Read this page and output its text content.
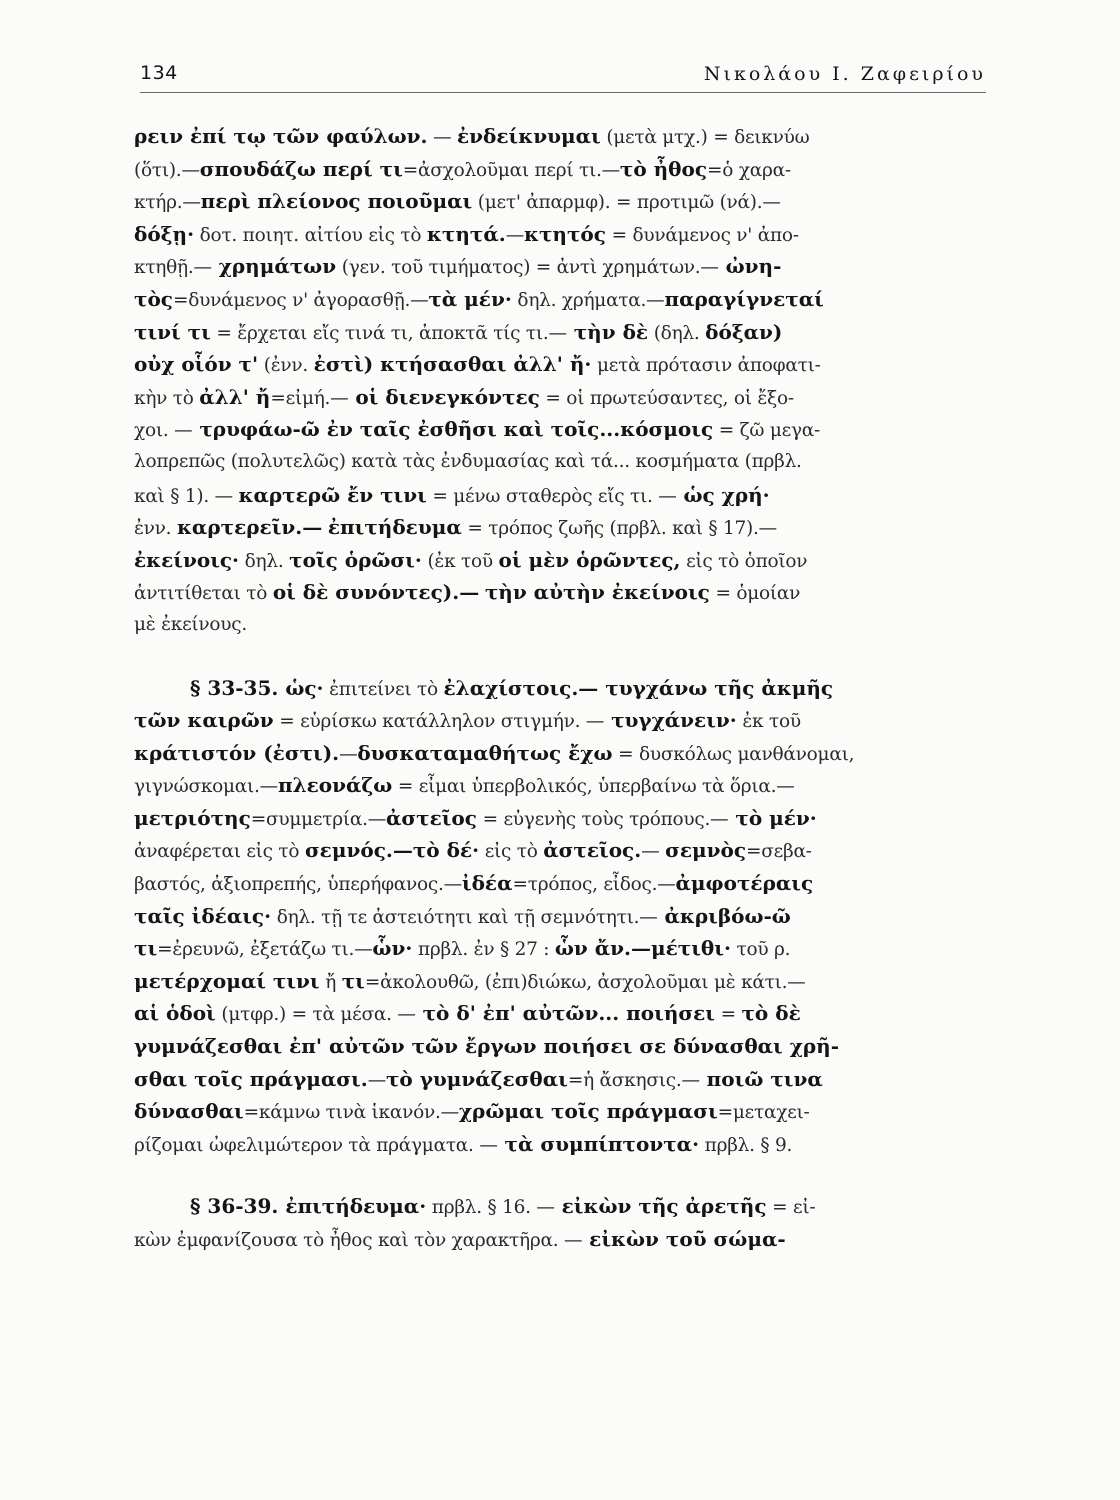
134	Νικολάου Ι. Ζαφειρίου
ρειν ἐπί τῳ τῶν φαύλων. — ἐνδείκνυμαι (μετὰ μτχ.) = δεικνύω
(ὅτι).—σπουδάζω περί τι=ἀσχολοῦμαι περί τι.—τὸ ἦθος=ὁ χαρα-
κτήρ.—περὶ πλείονος ποιοῦμαι (μετ' ἀπαρμφ). = προτιμῶ (νά).—
δόξῃ· δοτ. ποιητ. αἰτίου εἰς τὸ κτητά.—κτητός = δυνάμενος ν' ἀπο-
κτηθῇ.— χρημάτων (γεν. τοῦ τιμήματος) = ἀντὶ χρημάτων.— ὠνη-
τὸς=δυνάμενος ν' ἀγορασθῇ.—τὰ μέν· δηλ. χρήματα.—παραγίγνεταί
τινί τι = ἔρχεται εἴς τινά τι, ἀποκτᾶ τίς τι.— τὴν δὲ (δηλ. δόξαν)
οὐχ οἷόν τ' (ἐνν. ἐστὶ) κτήσασθαι ἀλλ' ἤ· μετὰ πρότασιν ἀποφατι-
κὴν τὸ ἀλλ' ἤ=εἰμή.— οἱ διενεγκόντες = οἱ πρωτεύσαντες, οἱ ἔξο-
χοι. — τρυφάω-ῶ ἐν ταῖς ἐσθῆσι καὶ τοῖς...κόσμοις = ζῶ μεγα-
λοπρεπῶς (πολυτελῶς) κατὰ τὰς ἐνδυμασίας καὶ τά... κοσμήματα (πρβλ.
καὶ § 1). — καρτερῶ ἔν τινι = μένω σταθερὸς εἴς τι. — ὡς χρή·
ἐνν. καρτερεῖν.— ἐπιτήδευμα = τρόπος ζωῆς (πρβλ. καὶ § 17).—
ἐκείνοις· δηλ. τοῖς ὁρῶσι· (ἐκ τοῦ οἱ μὲν ὁρῶντες, εἰς τὸ ὁποῖον
ἀντιτίθεται τὸ οἱ δὲ συνόντες).— τὴν αὐτὴν ἐκείνοις = ὁμοίαν
μὲ ἐκείνους.
§ 33-35. ὡς· ἐπιτείνει τὸ ἐλαχίστοις.— τυγχάνω τῆς ἀκμῆς
τῶν καιρῶν = εὑρίσκω κατάλληλον στιγμήν. — τυγχάνειν· ἐκ τοῦ
κράτιστόν (ἐστι).—δυσκαταμαθήτως ἔχω = δυσκόλως μανθάνομαι,
γιγνώσκομαι.—πλεονάζω = εἶμαι ὑπερβολικός, ὑπερβαίνω τὰ ὅρια.—
μετριότης=συμμετρία.—ἀστεῖος = εὐγενὴς τοὺς τρόπους.— τὸ μέν·
ἀναφέρεται εἰς τὸ σεμνός.—τὸ δέ· εἰς τὸ ἀστεῖος.— σεμνὸς=σεβα-
βαστός, ἀξιοπρεπής, ὑπερήφανος.—ἰδέα=τρόπος, εἶδος.—ἀμφοτέραις
ταῖς ἰδέαις· δηλ. τῇ τε ἀστειότητι καὶ τῇ σεμνότητι.— ἀκριβόω-ῶ
τι=ἐρευνῶ, ἐξετάζω τι.—ὧν· πρβλ. ἐν § 27 : ὧν ἄν.—μέτιθι· τοῦ ρ.
μετέρχομαί τινι ἤ τι=ἀκολουθῶ, (ἐπι)διώκω, ἀσχολοῦμαι μὲ κάτι.—
αἱ ὁδοὶ (μτφρ.) = τὰ μέσα. — τὸ δ' ἐπ' αὐτῶν... ποιήσει = τὸ δὲ
γυμνάζεσθαι ἐπ' αὐτῶν τῶν ἔργων ποιήσει σε δύνασθαι χρῆ-
σθαι τοῖς πράγμασι.—τὸ γυμνάζεσθαι=ἡ ἄσκησις.— ποιῶ τινα
δύνασθαι=κάμνω τινὰ ἱκανόν.—χρῶμαι τοῖς πράγμασι=μεταχει-
ρίζομαι ὠφελιμώτερον τὰ πράγματα. — τὰ συμπίπτοντα· πρβλ. § 9.
§ 36-39. ἐπιτήδευμα· πρβλ. § 16. — εἰκὼν τῆς ἀρετῆς = εἰ-
κὼν ἐμφανίζουσα τὸ ἦθος καὶ τὸν χαρακτῆρα. — εἰκὼν τοῦ σώμα-
